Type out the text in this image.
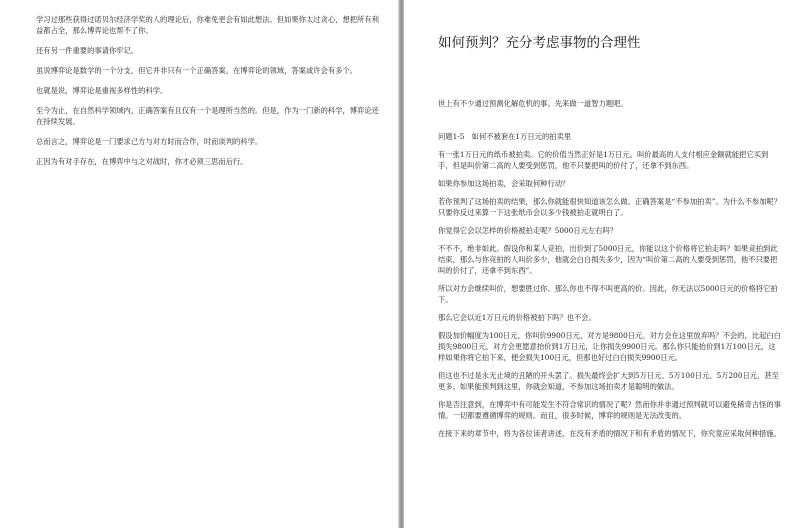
学习过那些获得过诺贝尔经济学奖的人的理论后，你难免更会有如此想法。但如果你太过贪心，想把所有利益都占全，那么博弈论也帮不了你。

还有另一件重要的事请你牢记。

虽说博弈论是数学的一个分支，但它并非只有一个正确答案。在博弈论的领域，答案或许会有多个。

也就是说，博弈论是重视多样性的科学。

至今为止，在自然科学领域内，正确答案有且仅有一个是理所当然的。但是，作为一门新的科学，博弈论还在持续发展。

总而言之，博弈论是一门要求己方与对方时而合作，时而谈判的科学。

正因为有对手存在，在博弈中与之对战时，你才必须三思而后行。

如何预判？充分考虑事物的合理性

世上有不少通过预测化解危机的事。先来做一道智力题吧。

问题1-5　如何不被套在1万日元的拍卖里

有一张1万日元的纸币被拍卖。它的价值当然正好是1万日元。叫价最高的人支付相应金额就能把它买到手，但是叫价第二高的人要受到惩罚，他不只要把叫的价付了，还拿不到东西。

如果你参加这场拍卖，会采取何种行动？

若你预判了这场拍卖的结果，那么你就能很快知道该怎么做。正确答案是“不参加拍卖”。为什么不参加呢？只要你反过来算一下这张纸币会以多少钱被拍走就明白了。

你觉得它会以怎样的价格被拍走呢？5000日元左右吗？

不不不，绝非如此。假设你和某人竞拍，出价到了5000日元，你能以这个价格将它拍走吗？如果竞拍到此结束，那么与你竞拍的人叫价多少，他就会白白损失多少，因为“叫价第二高的人要受到惩罚，他不只要把叫的价付了，还拿不到东西”。

所以对方会继续叫价，想要胜过你。那么你也不得不叫更高的价。因此，你无法以5000日元的价格将它拍下。

那么它会以近1万日元的价格被拍下吗？也不会。

假设加价幅度为100日元，你叫价9900日元，对方是9800日元。对方会在这里放弃吗？不会的，比起白白损失9800日元，对方会更愿意抬价到1万日元，让你损失9900日元。那么你只能抬价到1万100日元，这样如果你将它拍下来，便会损失100日元，但那也好过白白损失9900日元。

但这也不过是永无止境的丑陋的开头罢了。损失最终会扩大到5万日元、5万100日元、5万200日元，甚至更多。如果能预判到这里，你就会知道，不参加这场拍卖才是聪明的做法。

你是否注意到，在博弈中有可能发生不符合常识的情况了呢？然而你并非通过预判就可以避免稀奇古怪的事情。一切都要遵循博弈的规则。而且，很多时候，博弈的规则是无法改变的。

在接下来的章节中，将为各位读者讲述，在没有矛盾的情况下和有矛盾的情况下，你究竟应采取何种措施。
